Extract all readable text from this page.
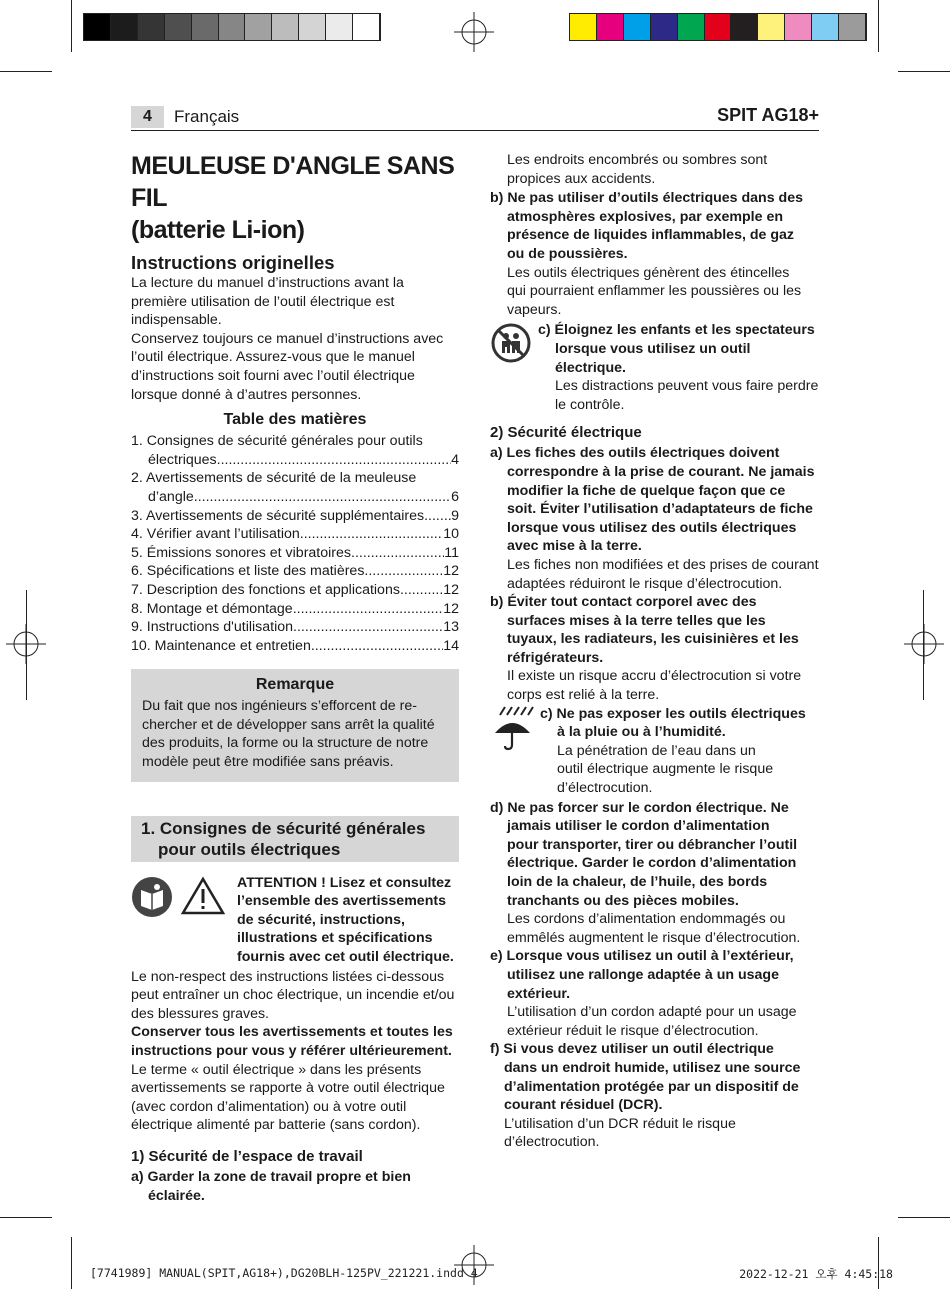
4	Français	SPIT AG18+
MEULEUSE D'ANGLE SANS FIL
(batterie Li-ion)
Instructions originelles

La lecture du manuel d’instructions avant la

première utilisation de l’outil électrique est

indispensable.

Conservez toujours ce manuel d’instructions avec

l’outil électrique. Assurez-vous que le manuel

d’instructions soit fourni avec l’outil électrique

lorsque donné à d’autres personnes.

Table des matières

1. Consignes de sécurité générales pour outils

électriques .....	4

2. Avertissements de sécurité de la meuleuse

d’angle .....	6
3. Avertissements de sécurité supplémentaires ..... 9
4. Vérifier avant l’utilisation .....	10
5. Émissions sonores et vibratoires .....	11
6. Spécifications et liste des matières .....	12
7. Description des fonctions et applications .....	12
8. Montage et démontage .....	12
9. Instructions d'utilisation .....	13
10. Maintenance et entretien .....	14
Remarque

Du fait que nos ingénieurs s’efforcent de re-

chercher et de développer sans arrêt la qualité

des produits, la forme ou la structure de notre

modèle peut être modifiée sans préavis.

1. Consignes de sécurité générales
pour outils électriques

ATTENTION ! Lisez et consultez

l’ensemble des avertissements

de sécurité, instructions,

illustrations et spécifications

fournis avec cet outil électrique.

Le non-respect des instructions listées ci-dessous

peut entraîner un choc électrique, un incendie et/ou

des blessures graves.

Conserver tous les avertissements et toutes les

instructions pour vous y référer ultérieurement.

Le terme « outil électrique » dans les présents

avertissements se rapporte à votre outil électrique

(avec cordon d’alimentation) ou à votre outil

électrique alimenté par batterie (sans cordon).

1) Sécurité de l’espace de travail

a) Garder la zone de travail propre et bien

éclairée.

Les endroits encombrés ou sombres sont

propices aux accidents.

b) Ne pas utiliser d’outils électriques dans des

atmosphères explosives, par exemple en

présence de liquides inflammables, de gaz

ou de poussières.

Les outils électriques génèrent des étincelles

qui pourraient enflammer les poussières ou les

vapeurs.

c) Éloignez les enfants et les spectateurs

lorsque vous utilisez un outil

électrique.

Les distractions peuvent vous faire perdre

le contrôle.

2) Sécurité électrique

a) Les fiches des outils électriques doivent

correspondre à la prise de courant. Ne jamais

modifier la fiche de quelque façon que ce

soit. Éviter l’utilisation d’adaptateurs de fiche

lorsque vous utilisez des outils électriques

avec mise à la terre.

Les fiches non modifiées et des prises de courant

adaptées réduiront le risque d’électrocution.

b) Éviter tout contact corporel avec des

surfaces mises à la terre telles que les

tuyaux, les radiateurs, les cuisinières et les

réfrigérateurs.

Il existe un risque accru d’électrocution si votre

corps est relié à la terre.

c) Ne pas exposer les outils électriques

à la pluie ou à l’humidité.

La pénétration de l’eau dans un

outil électrique augmente le risque

d’électrocution.

d) Ne pas forcer sur le cordon électrique. Ne

jamais utiliser le cordon d’alimentation

pour transporter, tirer ou débrancher l’outil

électrique. Garder le cordon d’alimentation

loin de la chaleur, de l’huile, des bords

tranchants ou des pièces mobiles.

Les cordons d’alimentation endommagés ou

emmêlés augmentent le risque d’électrocution.

e) Lorsque vous utilisez un outil à l’extérieur,

utilisez une rallonge adaptée à un usage

extérieur.

L’utilisation d’un cordon adapté pour un usage

extérieur réduit le risque d’électrocution.

f) Si vous devez utiliser un outil électrique

dans un endroit humide, utilisez une source

d’alimentation protégée par un dispositif de

courant résiduel (DCR).

L’utilisation d’un DCR réduit le risque

d’électrocution.

[7741989] MANUAL(SPIT,AG18+),DG20BLH-125PV_221221.indd 4	2022-12-21 오후 4:45:18
